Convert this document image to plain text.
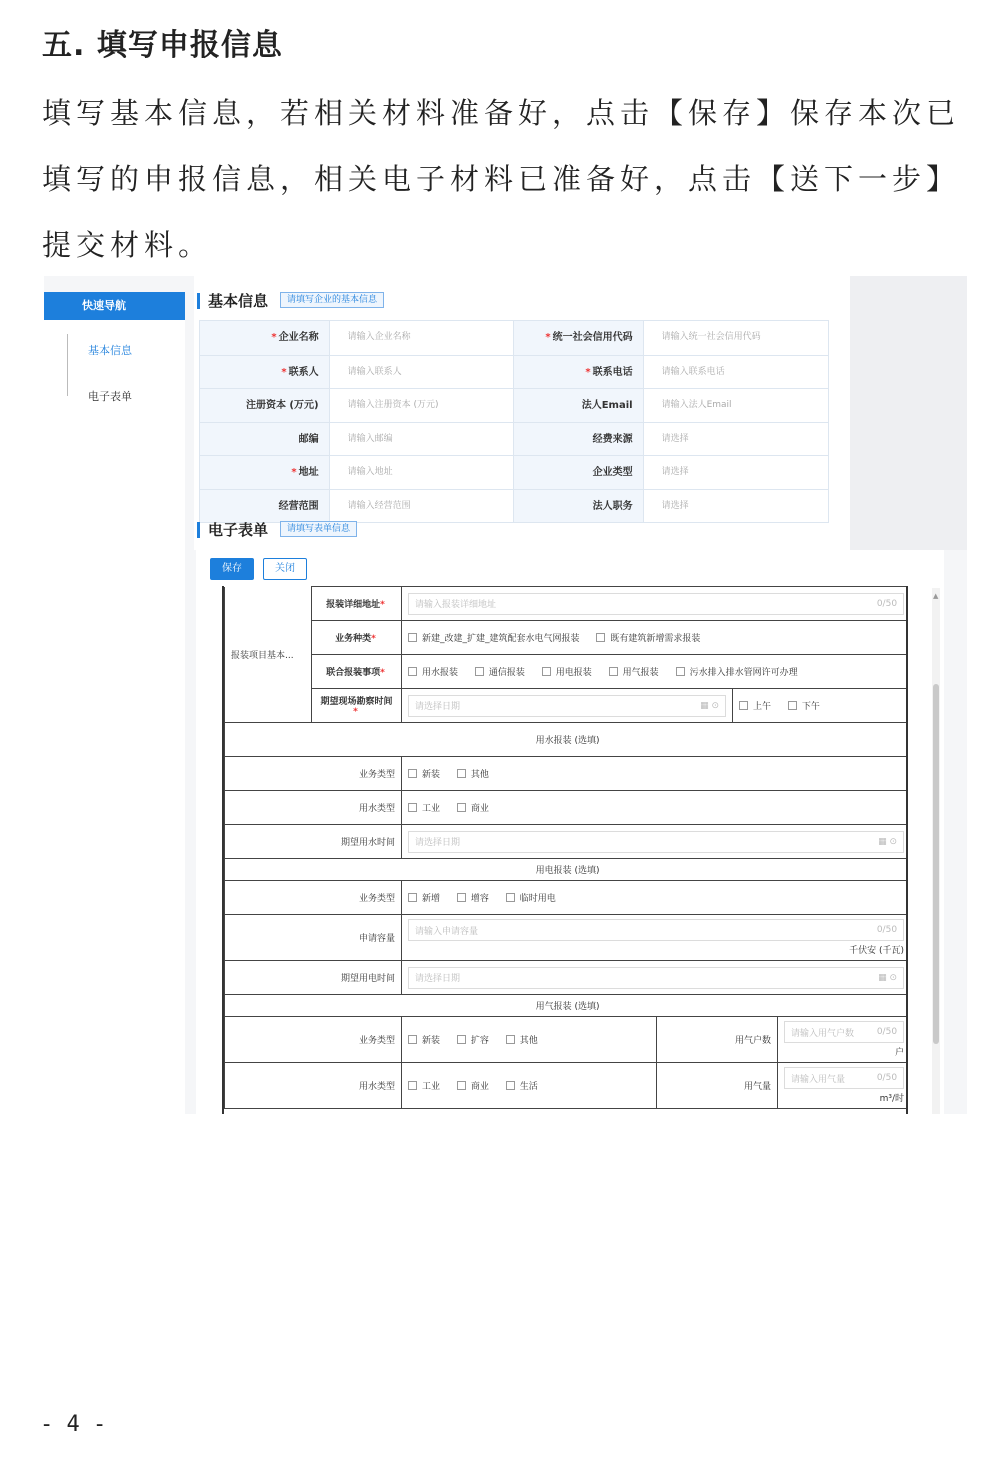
五. 填写申报信息
填写基本信息，若相关材料准备好，点击【保存】保存本次已填写的申报信息，相关电子材料已准备好，点击【送下一步】提交材料。
快速导航
基本信息
电子表单
基本信息	请填写企业的基本信息
* 企业名称	请输入企业名称	* 统一社会信用代码	请输入统一社会信用代码
* 联系人	请输入联系人	* 联系电话	请输入联系电话
注册资本 (万元)	请输入注册资本 (万元)	法人Email	请输入法人Email
邮编	请输入邮编	经费来源	请选择
* 地址	请输入地址	企业类型	请选择
经营范围	请输入经营范围	法人职务	请选择
电子表单	请填写表单信息
保存	关闭
报装项目基本...	报装详细地址*	请输入报装详细地址 0/50			

	业务种类*	新建_改建_扩建_建筑配套水电气网报装 既有建筑新增需求报装			
	联合报装事项*	用水报装 通信报装 用电报装 用气报装 污水排入排水管网许可办理			
	期望现场勘察时间*	请选择日期 ▦ ⊙		上午 下午	
用水报装 (选填)					
业务类型		新装 其他			
用水类型		工业 商业			
期望用水时间		请选择日期 ▦ ⊙			

用电报装 (选填)					
业务类型		新增 增容 临时用电			
申请容量		请输入申请容量 0/50
千伏安 (千瓦)			

期望用电时间		请选择日期 ▦ ⊙			

用气报装 (选填)					
业务类型		新装 扩容 其他	用气户数		请输入用气户数 0/50
户

用水类型		工业 商业 生活	用气量		请输入用气量 0/50
m³/时
▲
- 4 -
